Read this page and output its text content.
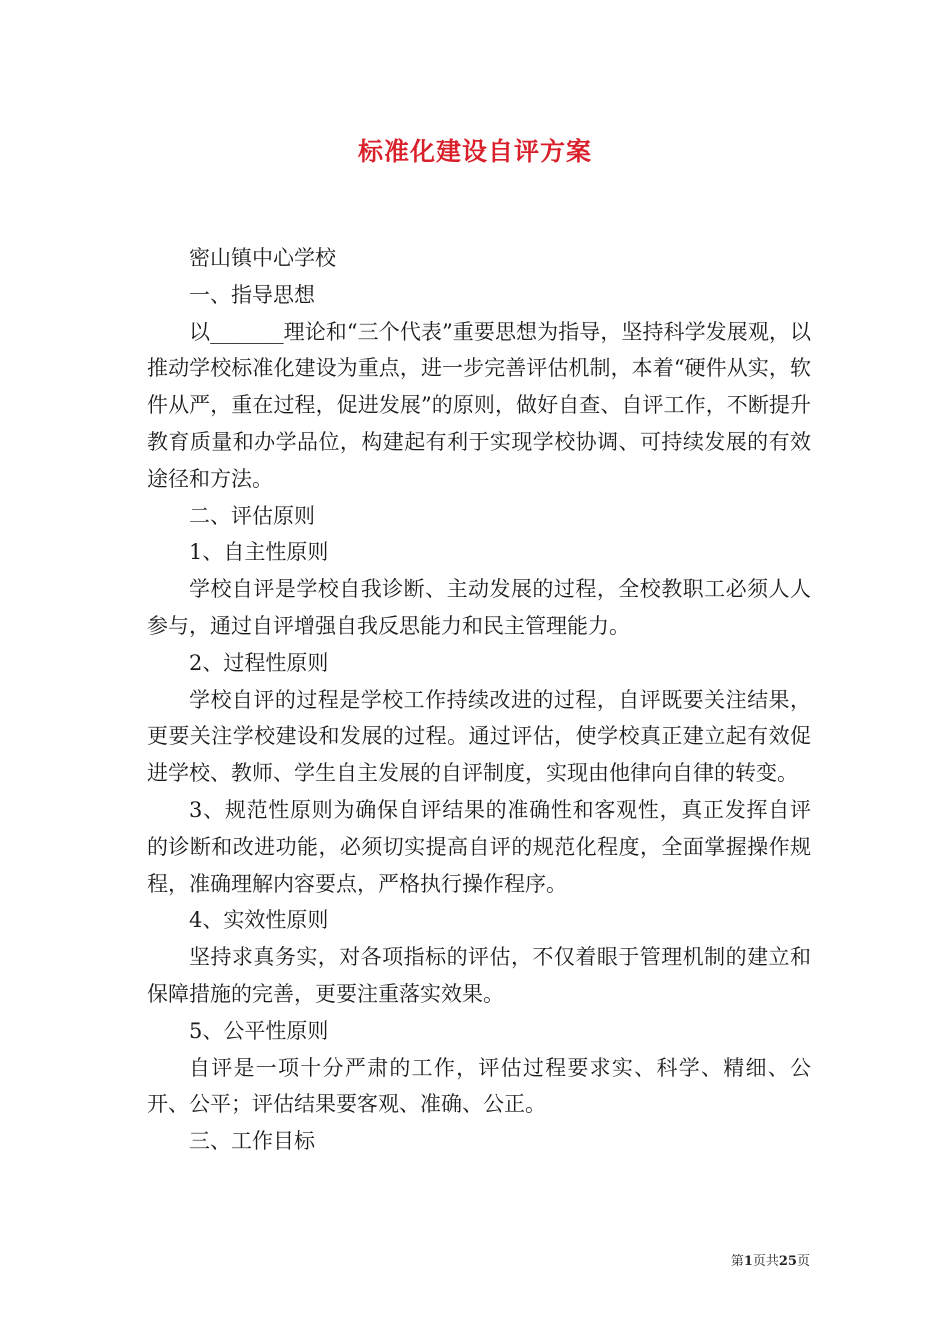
标准化建设自评方案

密山镇中心学校

一、指导思想

以_______理论和“三个代表”重要思想为指导，坚持科学发展观，以推动学校标准化建设为重点，进一步完善评估机制，本着“硬件从实，软件从严，重在过程，促进发展”的原则，做好自查、自评工作，不断提升教育质量和办学品位，构建起有利于实现学校协调、可持续发展的有效途径和方法。

二、评估原则

1、自主性原则

学校自评是学校自我诊断、主动发展的过程，全校教职工必须人人参与，通过自评增强自我反思能力和民主管理能力。

2、过程性原则

学校自评的过程是学校工作持续改进的过程，自评既要关注结果，更要关注学校建设和发展的过程。通过评估，使学校真正建立起有效促进学校、教师、学生自主发展的自评制度，实现由他律向自律的转变。

3、规范性原则为确保自评结果的准确性和客观性，真正发挥自评的诊断和改进功能，必须切实提高自评的规范化程度，全面掌握操作规程，准确理解内容要点，严格执行操作程序。

4、实效性原则

坚持求真务实，对各项指标的评估，不仅着眼于管理机制的建立和保障措施的完善，更要注重落实效果。

5、公平性原则

自评是一项十分严肃的工作，评估过程要求实、科学、精细、公开、公平；评估结果要客观、准确、公正。

三、工作目标

第1页共25页
